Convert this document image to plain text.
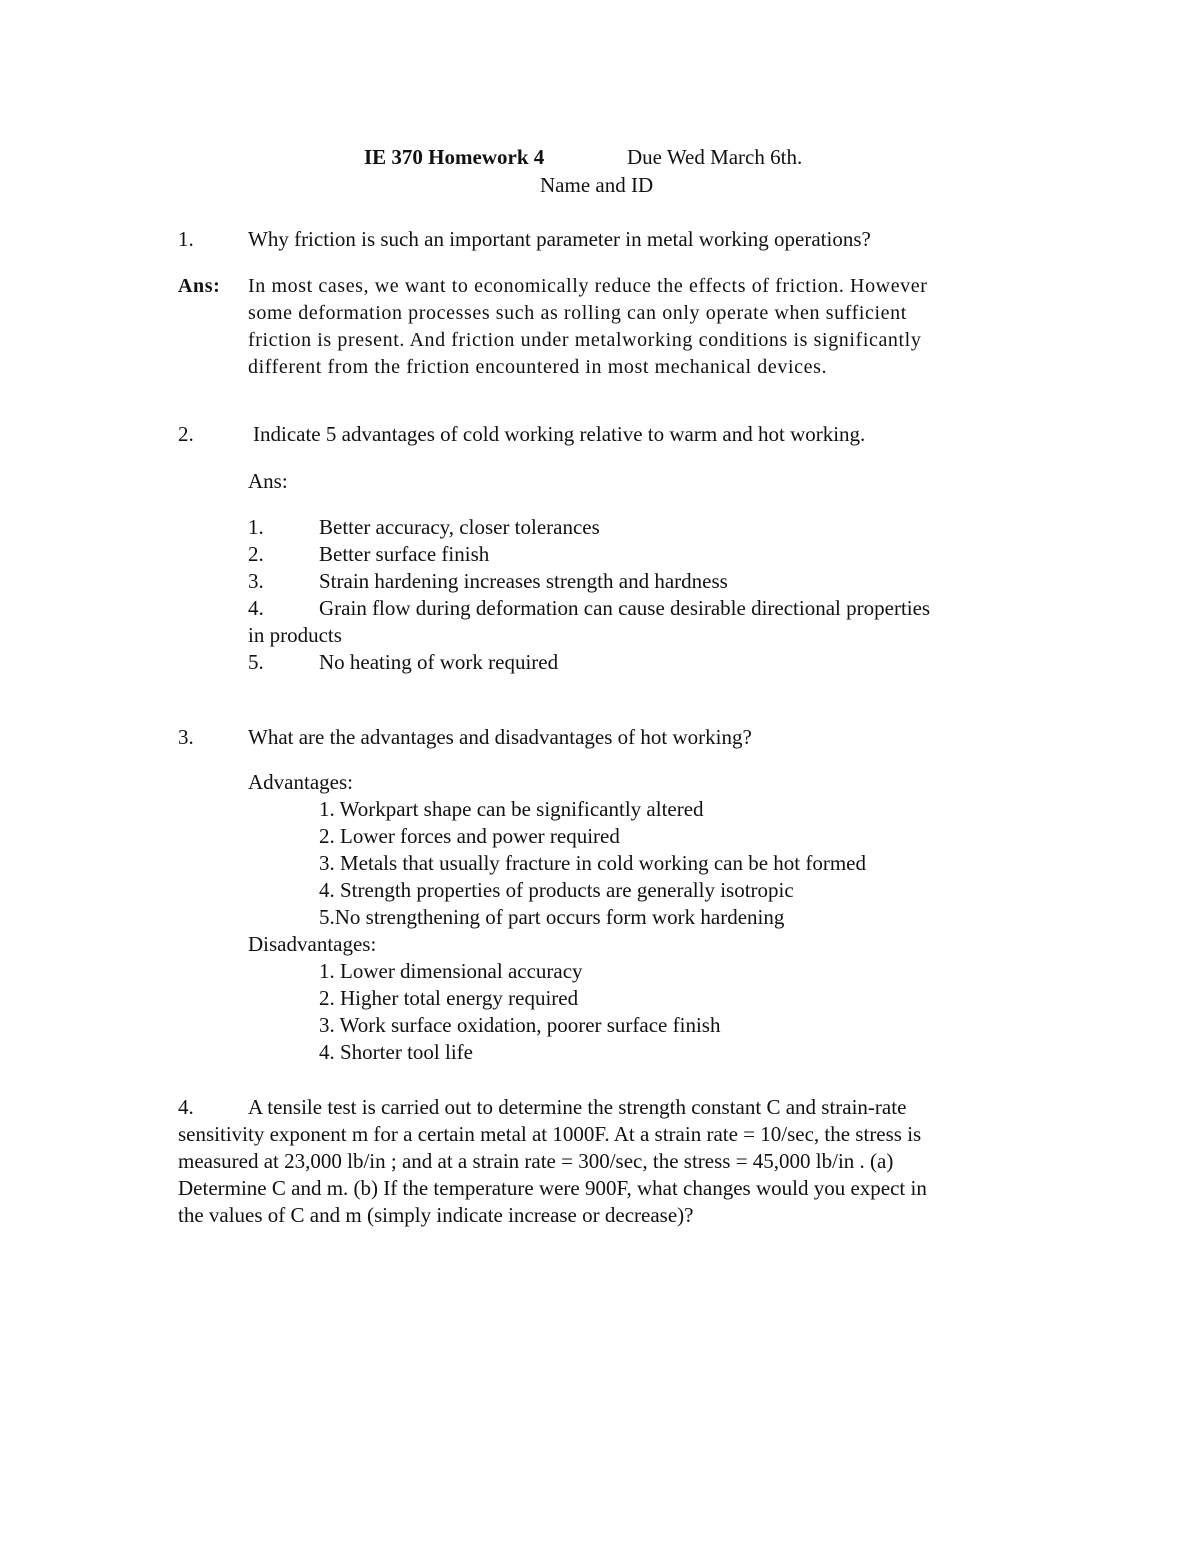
IE 370 Homework 4	Due Wed March 6th.
Name and ID
1.	Why friction is such an important parameter in metal working operations?
Ans: In most cases, we want to economically reduce the effects of friction. However
some deformation processes such as rolling can only operate when sufficient
friction is present. And friction under metalworking conditions is significantly
different from the friction encountered in most mechanical devices.
2.	Indicate 5 advantages of cold working relative to warm and hot working.
Ans:
1.	Better accuracy, closer tolerances
2.	Better surface finish
3.	Strain hardening increases strength and hardness
4.	Grain flow during deformation can cause desirable directional properties
in products
5.	No heating of work required
3.	What are the advantages and disadvantages of hot working?
Advantages:
1. Workpart shape can be significantly altered
2. Lower forces and power required
3. Metals that usually fracture in cold working can be hot formed
4. Strength properties of products are generally isotropic
5.No strengthening of part occurs form work hardening
Disadvantages:
1. Lower dimensional accuracy
2. Higher total energy required
3. Work surface oxidation, poorer surface finish
4. Shorter tool life
4.	A tensile test is carried out to determine the strength constant C and strain-rate
sensitivity exponent m for a certain metal at 1000F. At a strain rate = 10/sec, the stress is
measured at 23,000 lb/in ; and at a strain rate = 300/sec, the stress = 45,000 lb/in . (a)
Determine C and m. (b) If the temperature were 900F, what changes would you expect in
the values of C and m (simply indicate increase or decrease)?
